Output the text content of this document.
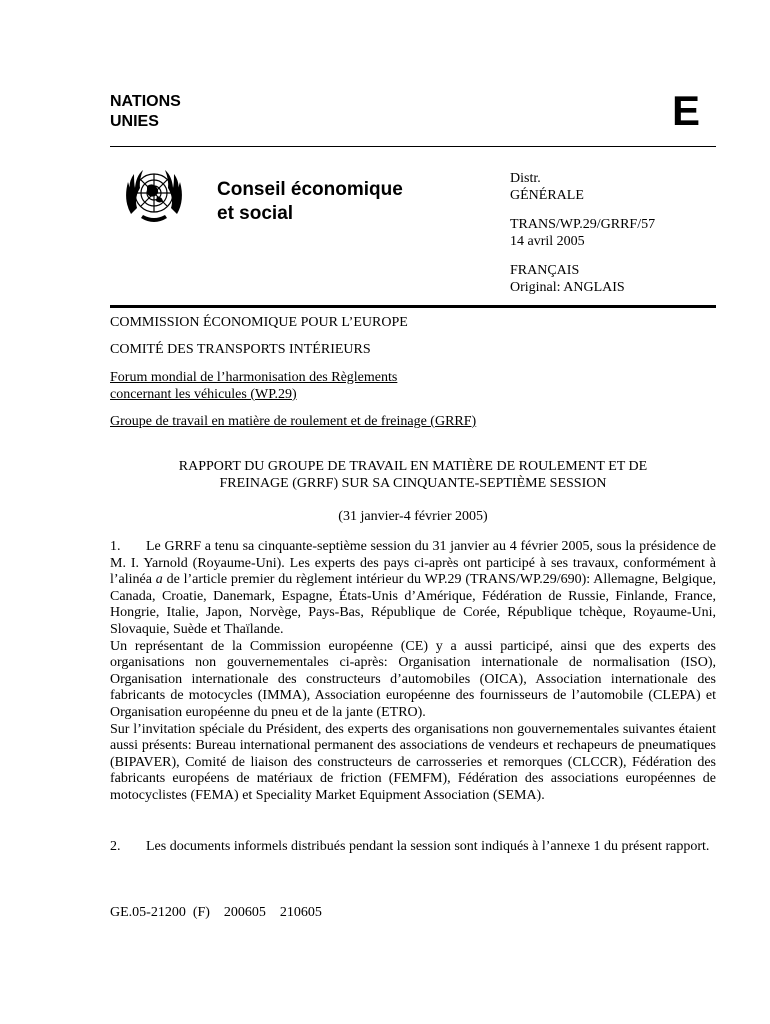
NATIONS
UNIES	E
Conseil économique
et social
Distr.
GÉNÉRALE
TRANS/WP.29/GRRF/57
14 avril 2005
FRANÇAIS
Original: ANGLAIS
COMMISSION ÉCONOMIQUE POUR L’EUROPE
COMITÉ DES TRANSPORTS INTÉRIEURS
Forum mondial de l’harmonisation des Règlements
concernant les véhicules (WP.29)
Groupe de travail en matière de roulement et de freinage (GRRF)
RAPPORT DU GROUPE DE TRAVAIL EN MATIÈRE DE ROULEMENT ET DE
FREINAGE (GRRF) SUR SA CINQUANTE-SEPTIÈME SESSION
(31 janvier-4 février 2005)
1. Le GRRF a tenu sa cinquante-septième session du 31 janvier au 4 février 2005, sous la présidence de M. I. Yarnold (Royaume-Uni). Les experts des pays ci-après ont participé à ses travaux, conformément à l’alinéa a de l’article premier du règlement intérieur du WP.29 (TRANS/WP.29/690): Allemagne, Belgique, Canada, Croatie, Danemark, Espagne, États-Unis d’Amérique, Fédération de Russie, Finlande, France, Hongrie, Italie, Japon, Norvège, Pays-Bas, République de Corée, République tchèque, Royaume-Uni, Slovaquie, Suède et Thaïlande.
Un représentant de la Commission européenne (CE) y a aussi participé, ainsi que des experts des organisations non gouvernementales ci-après: Organisation internationale de normalisation (ISO), Organisation internationale des constructeurs d’automobiles (OICA), Association internationale des fabricants de motocycles (IMMA), Association européenne des fournisseurs de l’automobile (CLEPA) et Organisation européenne du pneu et de la jante (ETRO).
Sur l’invitation spéciale du Président, des experts des organisations non gouvernementales suivantes étaient aussi présents: Bureau international permanent des associations de vendeurs et rechapeurs de pneumatiques (BIPAVER), Comité de liaison des constructeurs de carrosseries et remorques (CLCCR), Fédération des fabricants européens de matériaux de friction (FEMFM), Fédération des associations européennes de motocyclistes (FEMA) et Speciality Market Equipment Association (SEMA).
2. Les documents informels distribués pendant la session sont indiqués à l’annexe 1 du présent rapport.
GE.05-21200  (F)    200605    210605
